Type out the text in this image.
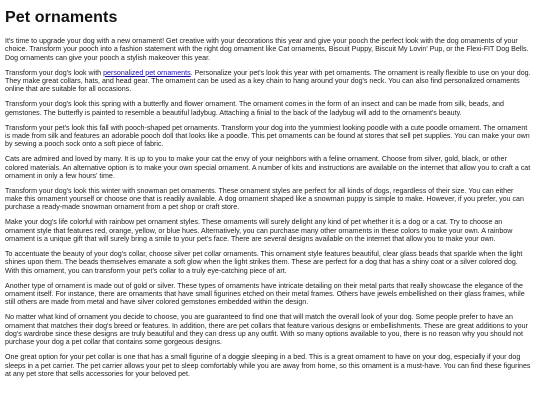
Pet ornaments

It's time to upgrade your dog with a new ornament! Get creative with your decorations this year and give your pooch the perfect look with the dog ornaments of your choice. Transform your pooch into a fashion statement with the right dog ornament like Cat ornaments, Biscuit Puppy, Biscuit My Lovin' Pup, or the Flexi-FIT Dog Bells. Dog ornaments can give your pooch a stylish makeover this year.

Transform your dog's look with personalized pet ornaments. Personalize your pet's look this year with pet ornaments. The ornament is really flexible to use on your dog. They make great collars, hats, and head gear. The ornament can be used as a key chain to hang around your dog's neck. You can also find personalized ornaments online that are suitable for all occasions.

Transform your dog's look this spring with a butterfly and flower ornament. The ornament comes in the form of an insect and can be made from silk, beads, and gemstones. The butterfly is painted to resemble a beautiful ladybug. Attaching a finial to the back of the ladybug will add to the ornament's beauty.

Transform your pet's look this fall with pooch-shaped pet ornaments. Transform your dog into the yummiest looking poodle with a cute poodle ornament. The ornament is made from silk and features an adorable pooch doll that looks like a poodle. This pet ornaments can be found at stores that sell pet supplies. You can make your own by sewing a pooch sock onto a soft piece of fabric.

Cats are admired and loved by many. It is up to you to make your cat the envy of your neighbors with a feline ornament. Choose from silver, gold, black, or other colored materials. An alternative option is to make your own special ornament. A number of kits and instructions are available on the internet that allow you to craft a cat ornament in only a few hours' time.

Transform your dog's look this winter with snowman pet ornaments. These ornament styles are perfect for all kinds of dogs, regardless of their size. You can either make this ornament yourself or choose one that is readily available. A dog ornament shaped like a snowman puppy is simple to make. However, if you prefer, you can purchase a ready-made snowman ornament from a pet shop or craft store.

Make your dog's life colorful with rainbow pet ornament styles. These ornaments will surely delight any kind of pet whether it is a dog or a cat. Try to choose an ornament style that features red, orange, yellow, or blue hues. Alternatively, you can purchase many other ornaments in these colors to make your own. A rainbow ornament is a unique gift that will surely bring a smile to your pet's face. There are several designs available on the internet that allow you to make your own.

To accentuate the beauty of your dog's collar, choose silver pet collar ornaments. This ornament style features beautiful, clear glass beads that sparkle when the light shines upon them. The beads themselves emanate a soft glow when the light strikes them. These are perfect for a dog that has a shiny coat or a silver colored dog. With this ornament, you can transform your pet's collar to a truly eye-catching piece of art.

Another type of ornament is made out of gold or silver. These types of ornaments have intricate detailing on their metal parts that really showcase the elegance of the ornament itself. For instance, there are ornaments that have small figurines etched on their metal frames. Others have jewels embellished on their glass frames, while still others are made from metal and have silver colored gemstones embedded within the design.

No matter what kind of ornament you decide to choose, you are guaranteed to find one that will match the overall look of your dog. Some people prefer to have an ornament that matches their dog's breed or features. In addition, there are pet collars that feature various designs or embellishments. These are great additions to your dog's wardrobe since these designs are truly beautiful and they can dress up any outfit. With so many options available to you, there is no reason why you should not purchase your dog a pet collar that contains some gorgeous designs.

One great option for your pet collar is one that has a small figurine of a doggie sleeping in a bed. This is a great ornament to have on your dog, especially if your dog sleeps in a pet carrier. The pet carrier allows your pet to sleep comfortably while you are away from home, so this ornament is a must-have. You can find these figurines at any pet store that sells accessories for your beloved pet.
